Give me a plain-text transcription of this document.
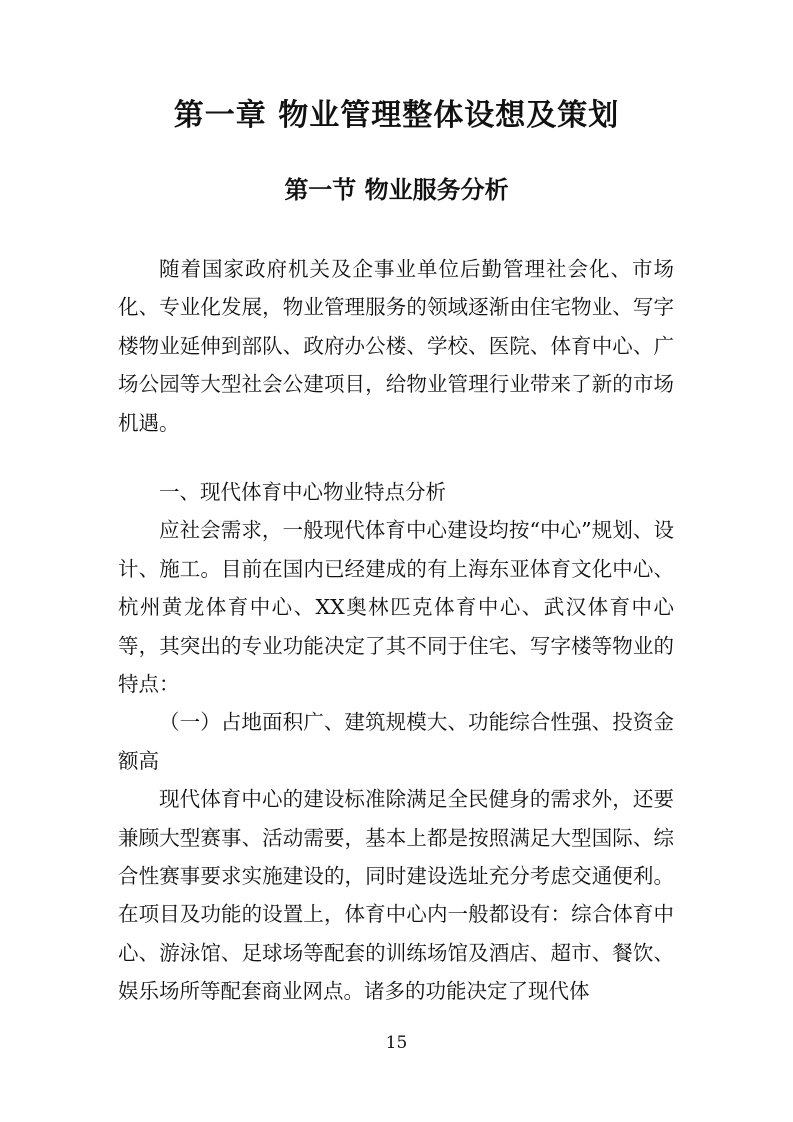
第一章 物业管理整体设想及策划
第一节 物业服务分析

随着国家政府机关及企事业单位后勤管理社会化、市场化、专业化发展，物业管理服务的领域逐渐由住宅物业、写字楼物业延伸到部队、政府办公楼、学校、医院、体育中心、广场公园等大型社会公建项目，给物业管理行业带来了新的市场机遇。

一、现代体育中心物业特点分析

应社会需求，一般现代体育中心建设均按“中心”规划、设计、施工。目前在国内已经建成的有上海东亚体育文化中心、杭州黄龙体育中心、XX奥林匹克体育中心、武汉体育中心等，其突出的专业功能决定了其不同于住宅、写字楼等物业的特点：

（一）占地面积广、建筑规模大、功能综合性强、投资金额高

现代体育中心的建设标准除满足全民健身的需求外，还要兼顾大型赛事、活动需要，基本上都是按照满足大型国际、综合性赛事要求实施建设的，同时建设选址充分考虑交通便利。在项目及功能的设置上，体育中心内一般都设有：综合体育中心、游泳馆、足球场等配套的训练场馆及酒店、超市、餐饮、娱乐场所等配套商业网点。诸多的功能决定了现代体

15
